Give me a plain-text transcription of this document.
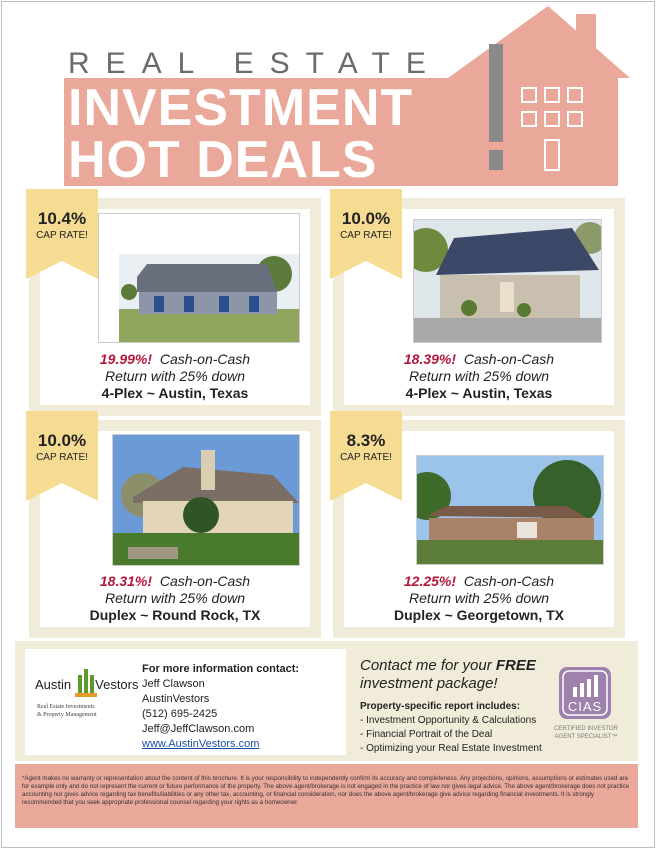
REAL ESTATE
INVESTMENT
HOT DEALS
19.99%! Cash-on-Cash
Return with 25% down
4-Plex ~ Austin, Texas
10.4%
CAP RATE!
18.39%! Cash-on-Cash
Return with 25% down
4-Plex ~ Austin, Texas
10.0%
CAP RATE!
18.31%! Cash-on-Cash
Return with 25% down
Duplex ~ Round Rock, TX
10.0%
CAP RATE!
12.25%! Cash-on-Cash
Return with 25% down
Duplex ~ Georgetown, TX
8.3%
CAP RATE!
Austin Vestors
Real Estate Investments
& Property Management
For more information contact:
Jeff Clawson
AustinVestors
(512) 695-2425
Jeff@JeffClawson.com
www.AustinVestors.com
Contact me for your FREE
investment package!
Property-specific report includes:
- Investment Opportunity & Calculations
- Financial Portrait of the Deal
- Optimizing your Real Estate Investment
CIAS
CERTIFIED INVESTOR
AGENT SPECIALIST™
*Agent makes no warranty or representation about the content of this brochure. It is your responsibility to independently confirm its accuracy and completeness. Any projections, opinions, assumptions or estimates used are for example only and do not represent the current or future performance of the property. The above agent/brokerage is not engaged in the practice of law nor gives legal advice. The above agent/brokerage does not practice accounting nor gives advice regarding tax benefits/liabilities or any other tax, accounting, or financial consideration, nor does the above agent/brokerage give advice regarding financial investments. It is strongly recommended that you seek appropriate professional counsel regarding your rights as a homeowner.
